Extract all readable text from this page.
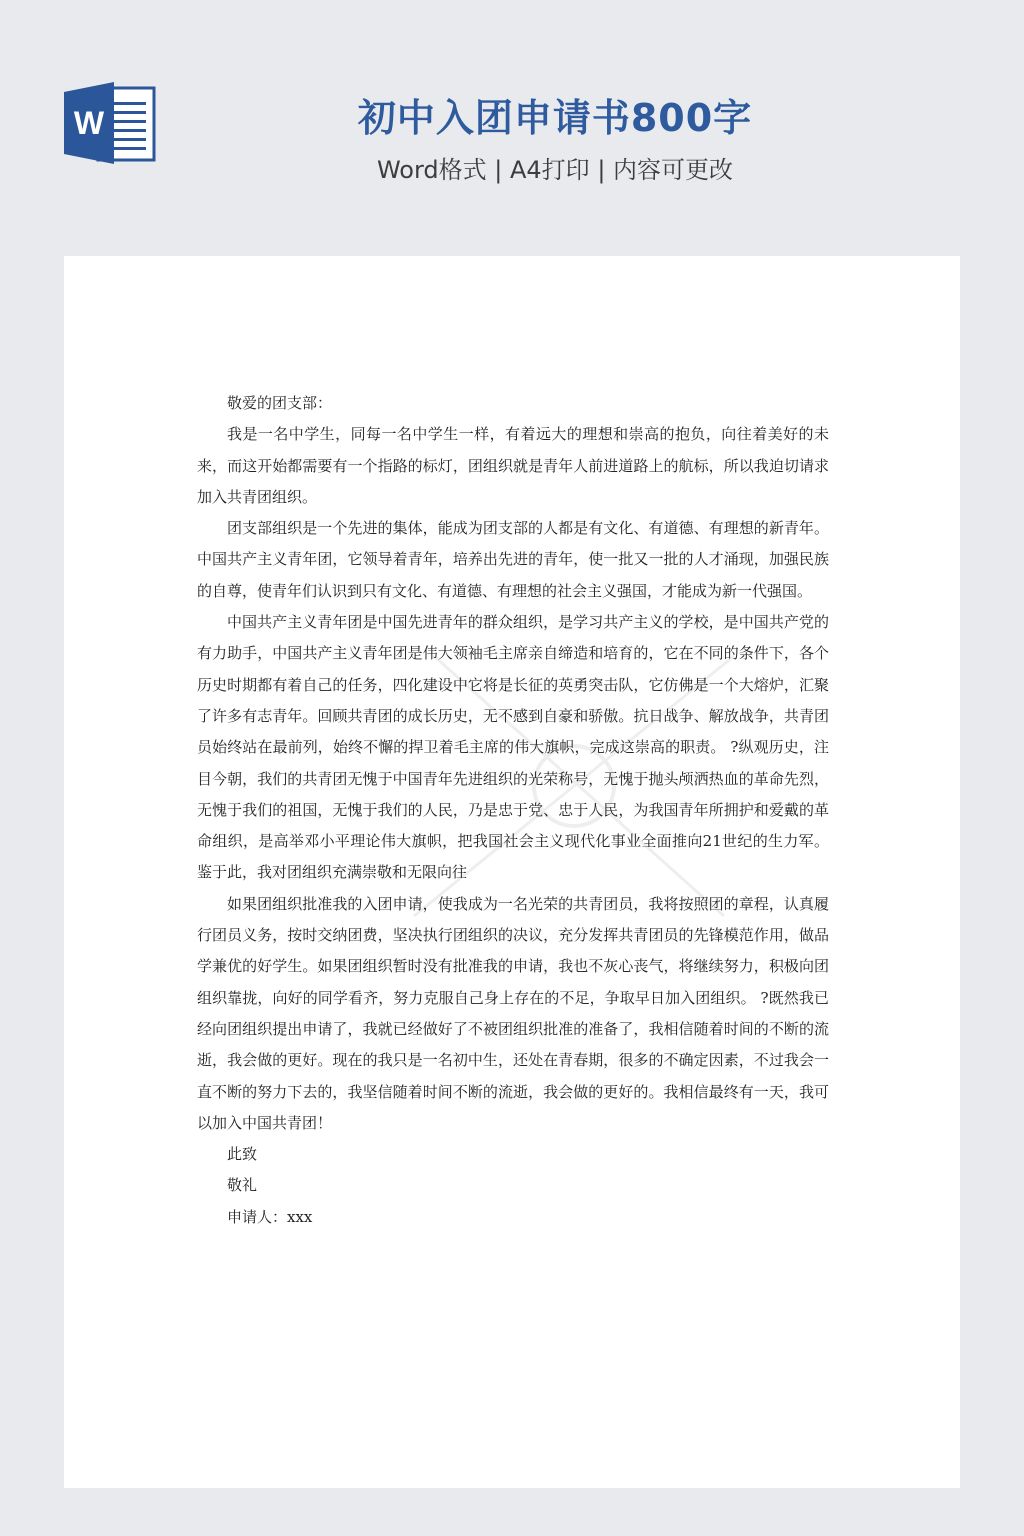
W	初中入团申请书800字
Word格式 | A4打印 | 内容可更改

敬爱的团支部：

我是一名中学生，同每一名中学生一样，有着远大的理想和崇高的抱负，向往着美好的未来，而这开始都需要有一个指路的标灯，团组织就是青年人前进道路上的航标，所以我迫切请求加入共青团组织。

团支部组织是一个先进的集体，能成为团支部的人都是有文化、有道德、有理想的新青年。中国共产主义青年团，它领导着青年，培养出先进的青年，使一批又一批的人才涌现，加强民族的自尊，使青年们认识到只有文化、有道德、有理想的社会主义强国，才能成为新一代强国。

中国共产主义青年团是中国先进青年的群众组织，是学习共产主义的学校，是中国共产党的有力助手，中国共产主义青年团是伟大领袖毛主席亲自缔造和培育的，它在不同的条件下，各个历史时期都有着自己的任务，四化建设中它将是长征的英勇突击队，它仿佛是一个大熔炉，汇聚了许多有志青年。回顾共青团的成长历史，无不感到自豪和骄傲。抗日战争、解放战争，共青团员始终站在最前列，始终不懈的捍卫着毛主席的伟大旗帜，完成这崇高的职责。 ?纵观历史，注目今朝，我们的共青团无愧于中国青年先进组织的光荣称号，无愧于抛头颅洒热血的革命先烈，无愧于我们的祖国，无愧于我们的人民，乃是忠于党、忠于人民，为我国青年所拥护和爱戴的革命组织，是高举邓小平理论伟大旗帜，把我国社会主义现代化事业全面推向21世纪的生力军。鉴于此，我对团组织充满崇敬和无限向往

如果团组织批准我的入团申请，使我成为一名光荣的共青团员，我将按照团的章程，认真履行团员义务，按时交纳团费，坚决执行团组织的决议，充分发挥共青团员的先锋模范作用，做品学兼优的好学生。如果团组织暂时没有批准我的申请，我也不灰心丧气，将继续努力，积极向团组织靠拢，向好的同学看齐，努力克服自己身上存在的不足，争取早日加入团组织。 ?既然我已经向团组织提出申请了，我就已经做好了不被团组织批准的准备了，我相信随着时间的不断的流逝，我会做的更好。现在的我只是一名初中生，还处在青春期，很多的不确定因素，不过我会一直不断的努力下去的，我坚信随着时间不断的流逝，我会做的更好的。我相信最终有一天，我可以加入中国共青团！

此致

敬礼

申请人：xxx
